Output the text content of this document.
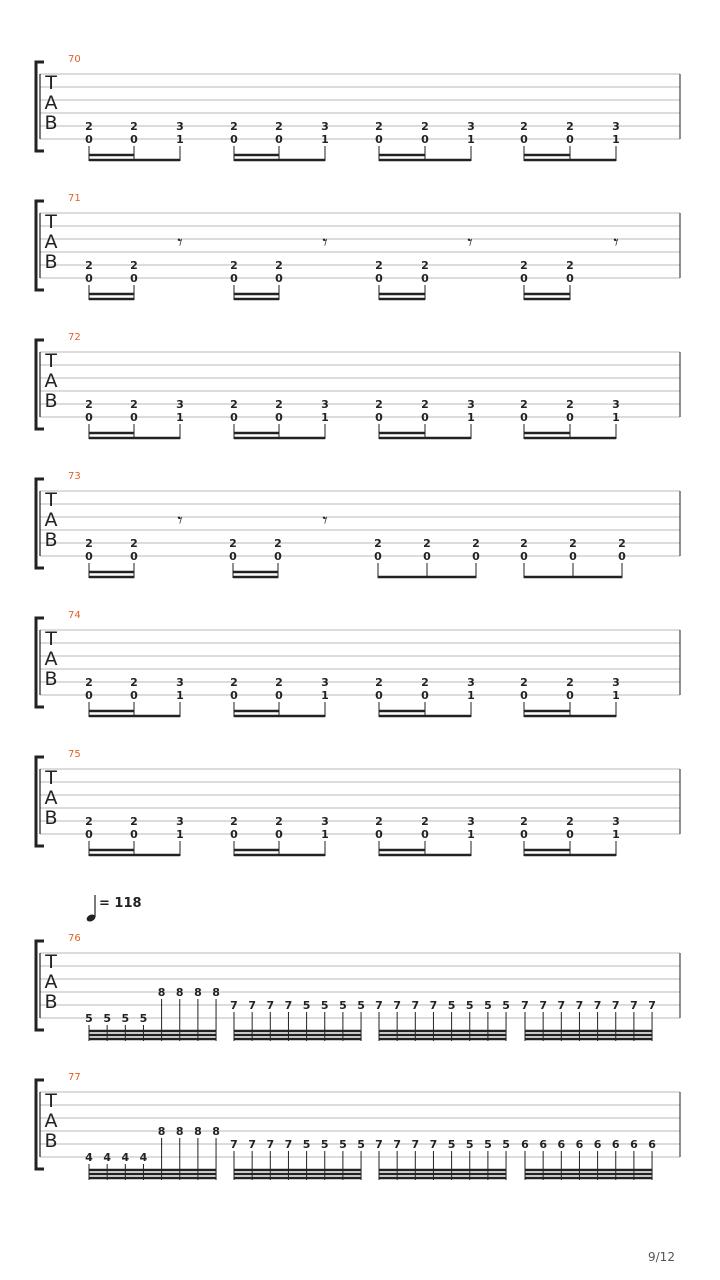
T
A
B
70
2
0
2
0
3
1
2
0
2
0
3
1
2
0
2
0
3
1
2
0
2
0
3
1
T
A
B
71
2
0
2
0
𝄾
2
0
2
0
𝄾
2
0
2
0
𝄾
2
0
2
0
𝄾
T
A
B
72
2
0
2
0
3
1
2
0
2
0
3
1
2
0
2
0
3
1
2
0
2
0
3
1
T
A
B
73
2
0
2
0
𝄾
2
0
2
0
𝄾
2
0
2
0
2
0
2
0
2
0
2
0
T
A
B
74
2
0
2
0
3
1
2
0
2
0
3
1
2
0
2
0
3
1
2
0
2
0
3
1
T
A
B
75
2
0
2
0
3
1
2
0
2
0
3
1
2
0
2
0
3
1
2
0
2
0
3
1
T
A
B
76
5 5 5 5
8 8 8 8
7 7 7 7 5 5 5 5 7 7 7 7 5 5 5 5 7 7 7 7 7 7 7 7
T
A
B
77
4 4 4 4
8 8 8 8
7 7 7 7 5 5 5 5 7 7 7 7 5 5 5 5 6 6 6 6 6 6 6 6
= 118
9/12
